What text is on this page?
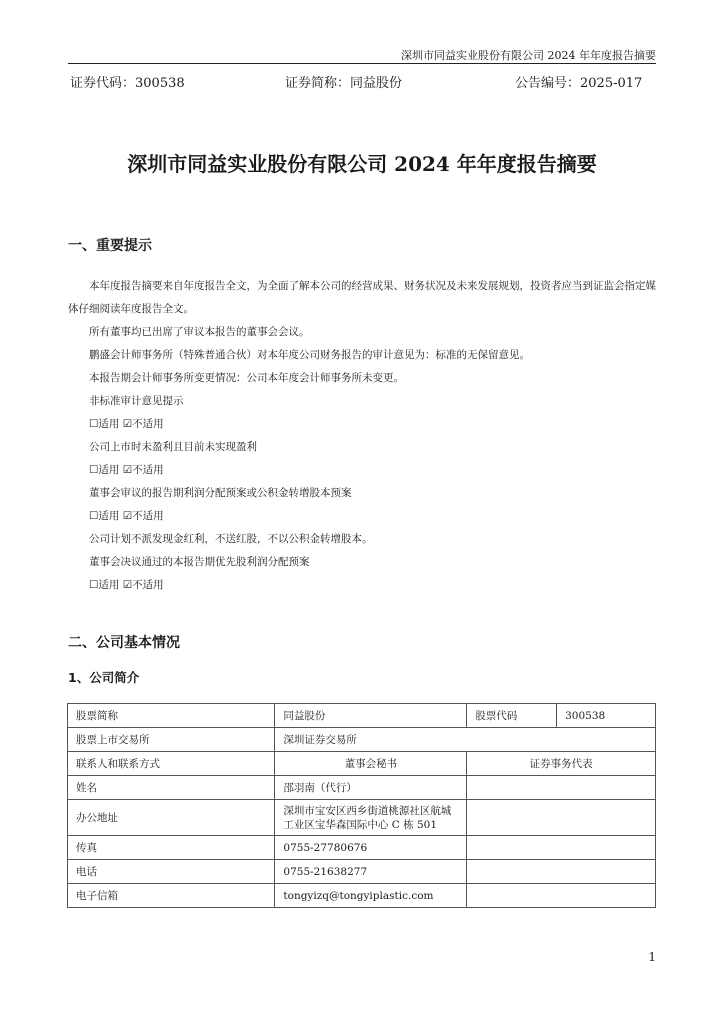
深圳市同益实业股份有限公司 2024 年年度报告摘要
证券代码：300538	证券简称：同益股份	公告编号：2025-017
深圳市同益实业股份有限公司 2024 年年度报告摘要
一、重要提示

本年度报告摘要来自年度报告全文，为全面了解本公司的经营成果、财务状况及未来发展规划，投资者应当到证监会指定媒体仔细阅读年度报告全文。

所有董事均已出席了审议本报告的董事会会议。

鹏盛会计师事务所（特殊普通合伙）对本年度公司财务报告的审计意见为：标准的无保留意见。

本报告期会计师事务所变更情况：公司本年度会计师事务所未变更。

非标准审计意见提示

☐适用 ☑不适用

公司上市时未盈利且目前未实现盈利

☐适用 ☑不适用

董事会审议的报告期利润分配预案或公积金转增股本预案

☐适用 ☑不适用

公司计划不派发现金红利，不送红股，不以公积金转增股本。

董事会决议通过的本报告期优先股利润分配预案

☐适用 ☑不适用

二、公司基本情况
1、公司简介
股票简称	同益股份	股票代码	300538
股票上市交易所	深圳证券交易所		
联系人和联系方式	董事会秘书	证券事务代表	
姓名	邵羽南（代行）		
办公地址	深圳市宝安区西乡街道桃源社区航城工业区宝华森国际中心 C 栋 501		
传真	0755-27780676		
电话	0755-21638277		
电子信箱	tongyizq@tongyiplastic.com		
1
